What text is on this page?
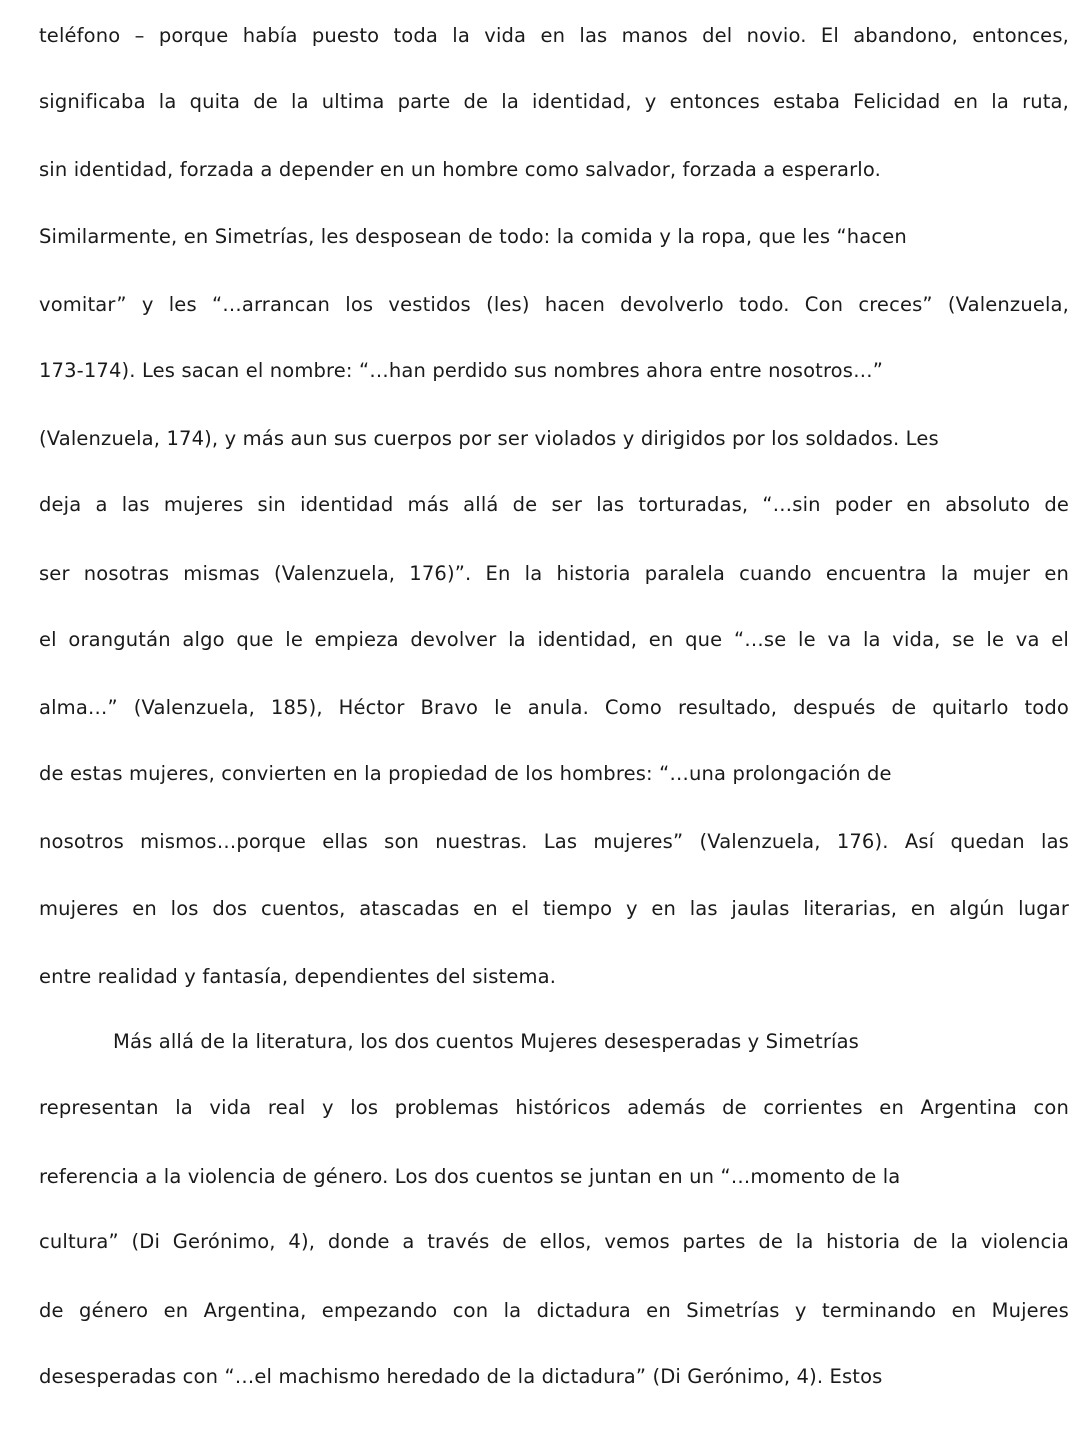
teléfono – porque había puesto toda la vida en las manos del novio. El abandono, entonces,
significaba la quita de la ultima parte de la identidad, y entonces estaba Felicidad en la ruta,
sin identidad, forzada a depender en un hombre como salvador, forzada a esperarlo.
Similarmente, en Simetrías, les desposean de todo: la comida y la ropa, que les “hacen
vomitar” y les “…arrancan los vestidos (les) hacen devolverlo todo. Con creces” (Valenzuela,
173-174). Les sacan el nombre: “…han perdido sus nombres ahora entre nosotros…”
(Valenzuela, 174), y más aun sus cuerpos por ser violados y dirigidos por los soldados. Les
deja a las mujeres sin identidad más allá de ser las torturadas, “…sin poder en absoluto de
ser nosotras mismas (Valenzuela, 176)”. En la historia paralela cuando encuentra la mujer en
el orangután algo que le empieza devolver la identidad, en que “…se le va la vida, se le va el
alma…” (Valenzuela, 185), Héctor Bravo le anula. Como resultado, después de quitarlo todo
de estas mujeres, convierten en la propiedad de los hombres: “…una prolongación de
nosotros mismos…porque ellas son nuestras. Las mujeres” (Valenzuela, 176). Así quedan las
mujeres en los dos cuentos, atascadas en el tiempo y en las jaulas literarias, en algún lugar
entre realidad y fantasía, dependientes del sistema.
Más allá de la literatura, los dos cuentos Mujeres desesperadas y Simetrías
representan la vida real y los problemas históricos además de corrientes en Argentina con
referencia a la violencia de género. Los dos cuentos se juntan en un “…momento de la
cultura” (Di Gerónimo, 4), donde a través de ellos, vemos partes de la historia de la violencia
de género en Argentina, empezando con la dictadura en Simetrías y terminando en Mujeres
desesperadas con “…el machismo heredado de la dictadura” (Di Gerónimo, 4). Estos
